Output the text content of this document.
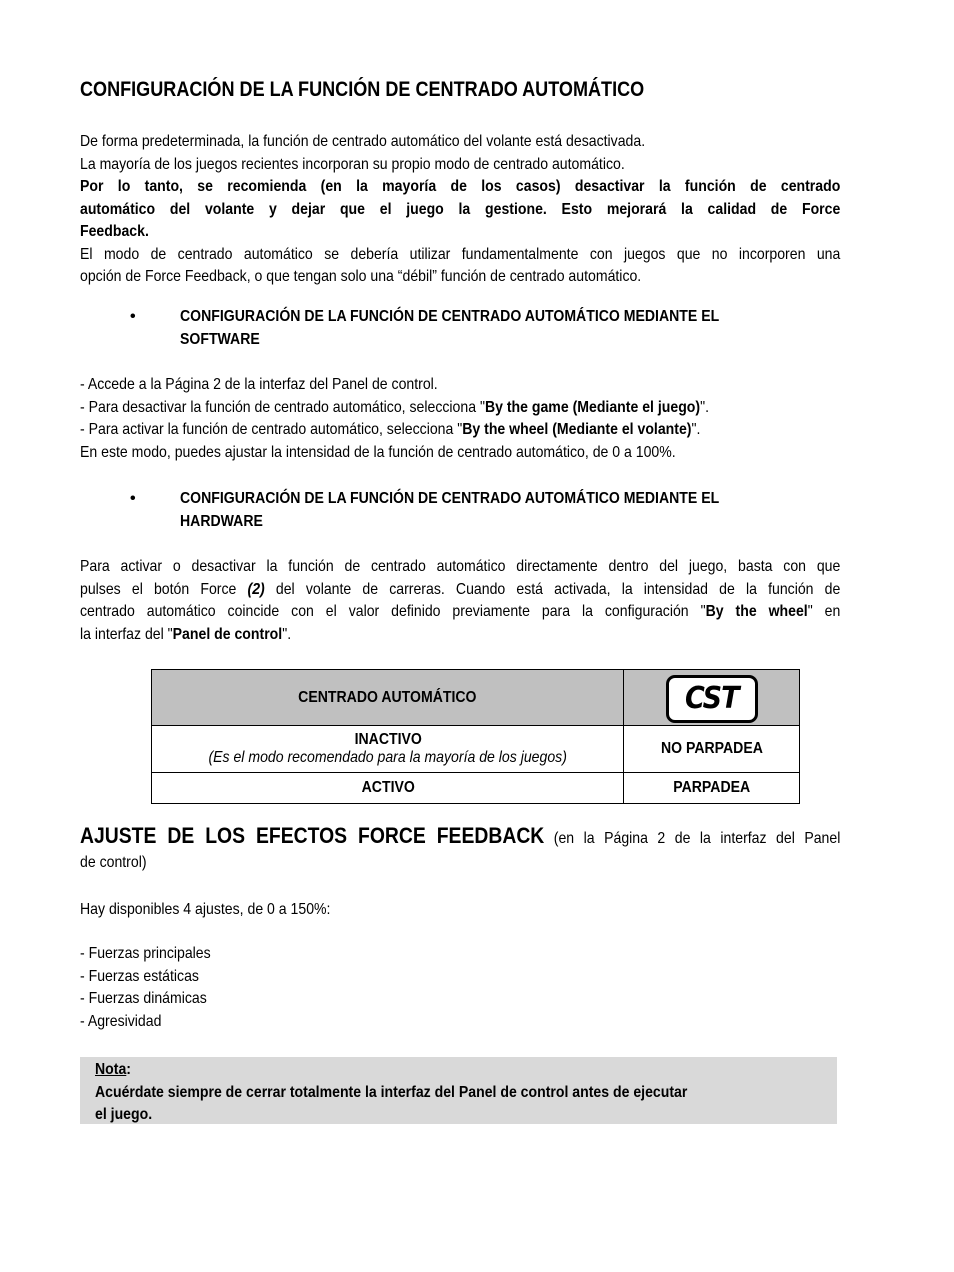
CONFIGURACIÓN DE LA FUNCIÓN DE CENTRADO AUTOMÁTICO
De forma predeterminada, la función de centrado automático del volante está desactivada.
La mayoría de los juegos recientes incorporan su propio modo de centrado automático.
Por lo tanto, se recomienda (en la mayoría de los casos) desactivar la función de centrado
automático del volante y dejar que el juego la gestione. Esto mejorará la calidad de Force
Feedback.
El modo de centrado automático se debería utilizar fundamentalmente con juegos que no incorporen una
opción de Force Feedback, o que tengan solo una “débil” función de centrado automático.
•	CONFIGURACIÓN DE LA FUNCIÓN DE CENTRADO AUTOMÁTICO MEDIANTE EL
SOFTWARE
- Accede a la Página 2 de la interfaz del Panel de control.
- Para desactivar la función de centrado automático, selecciona "By the game (Mediante el juego)".
- Para activar la función de centrado automático, selecciona "By the wheel (Mediante el volante)".
En este modo, puedes ajustar la intensidad de la función de centrado automático, de 0 a 100%.
•	CONFIGURACIÓN DE LA FUNCIÓN DE CENTRADO AUTOMÁTICO MEDIANTE EL
HARDWARE
Para activar o desactivar la función de centrado automático directamente dentro del juego, basta con que
pulses el botón Force (2) del volante de carreras. Cuando está activada, la intensidad de la función de
centrado automático coincide con el valor definido previamente para la configuración "By the wheel" en
la interfaz del "Panel de control".
CENTRADO AUTOMÁTICO	CST

INACTIVO
(Es el modo recomendado para la mayoría de los juegos)	NO PARPADEA
ACTIVO	PARPADEA
AJUSTE DE LOS EFECTOS FORCE FEEDBACK (en la Página 2 de la interfaz del Panel
de control)
Hay disponibles 4 ajustes, de 0 a 150%:
- Fuerzas principales
- Fuerzas estáticas
- Fuerzas dinámicas
- Agresividad
Nota:
Acuérdate siempre de cerrar totalmente la interfaz del Panel de control antes de ejecutar
el juego.
